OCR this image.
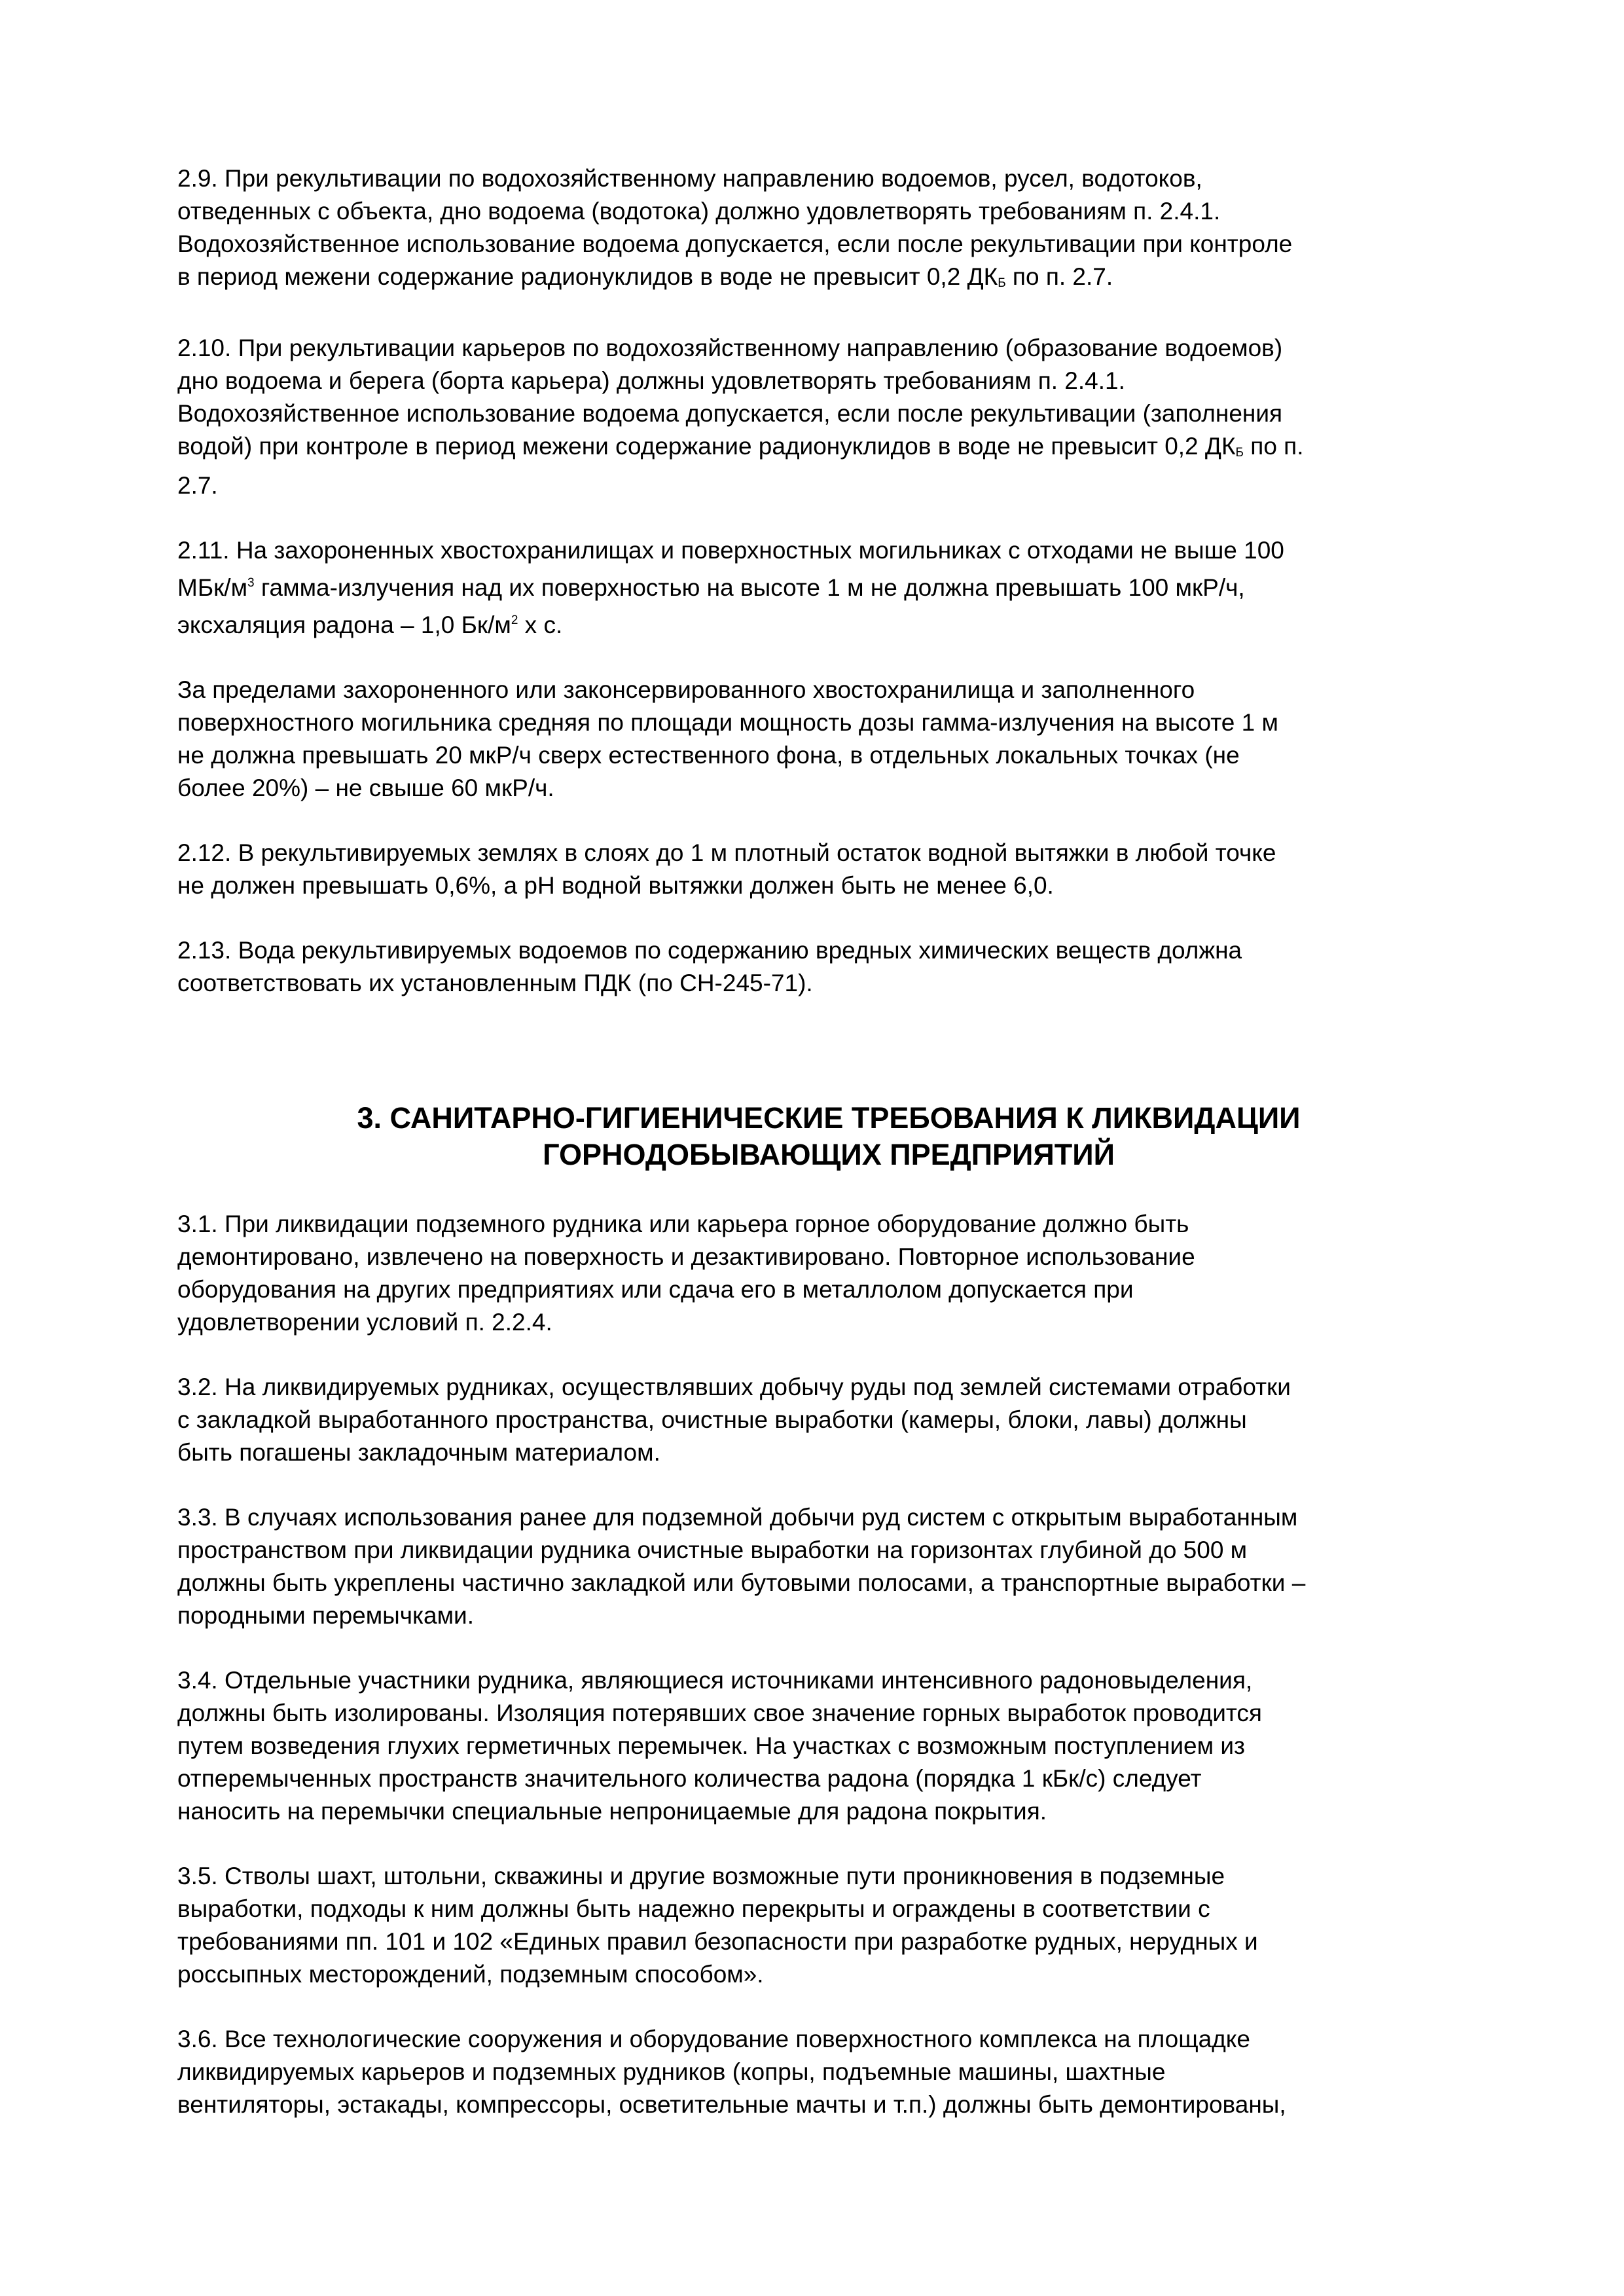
2.9. При рекультивации по водохозяйственному направлению водоемов, русел, водотоков,
отведенных с объекта, дно водоема (водотока) должно удовлетворять требованиям п. 2.4.1.
Водохозяйственное использование водоема допускается, если после рекультивации при контроле
в период межени содержание радионуклидов в воде не превысит 0,2 ДКБ по п. 2.7.
2.10. При рекультивации карьеров по водохозяйственному направлению (образование водоемов)
дно водоема и берега (борта карьера) должны удовлетворять требованиям п. 2.4.1.
Водохозяйственное использование водоема допускается, если после рекультивации (заполнения
водой) при контроле в период межени содержание радионуклидов в воде не превысит 0,2 ДКБ по п.
2.7.
2.11. На захороненных хвостохранилищах и поверхностных могильниках с отходами не выше 100
МБк/$м^3$ гамма-излучения над их поверхностью на высоте 1 м не должна превышать 100 мкР/ч,
эксхаляция радона – 1,0 $Бк/м^2$ х с.
За пределами захороненного или законсервированного хвостохранилища и заполненного
поверхностного могильника средняя по площади мощность дозы гамма-излучения на высоте 1 м
не должна превышать 20 мкР/ч сверх естественного фона, в отдельных локальных точках (не
более 20%) – не свыше 60 мкР/ч.
2.12. В рекультивируемых землях в слоях до 1 м плотный остаток водной вытяжки в любой точке
не должен превышать 0,6%, а pH водной вытяжки должен быть не менее 6,0.
2.13. Вода рекультивируемых водоемов по содержанию вредных химических веществ должна
соответствовать их установленным ПДК (по СН-245-71).
3. САНИТАРНО-ГИГИЕНИЧЕСКИЕ ТРЕБОВАНИЯ К ЛИКВИДАЦИИ
ГОРНОДОБЫВАЮЩИХ ПРЕДПРИЯТИЙ
3.1. При ликвидации подземного рудника или карьера горное оборудование должно быть
демонтировано, извлечено на поверхность и дезактивировано. Повторное использование
оборудования на других предприятиях или сдача его в металлолом допускается при
удовлетворении условий п. 2.2.4.
3.2. На ликвидируемых рудниках, осуществлявших добычу руды под землей системами отработки
с закладкой выработанного пространства, очистные выработки (камеры, блоки, лавы) должны
быть погашены закладочным материалом.
3.3. В случаях использования ранее для подземной добычи руд систем с открытым выработанным
пространством при ликвидации рудника очистные выработки на горизонтах глубиной до 500 м
должны быть укреплены частично закладкой или бутовыми полосами, а транспортные выработки –
породными перемычками.
3.4. Отдельные участники рудника, являющиеся источниками интенсивного радоновыделения,
должны быть изолированы. Изоляция потерявших свое значение горных выработок проводится
путем возведения глухих герметичных перемычек. На участках с возможным поступлением из
отперемыченных пространств значительного количества радона (порядка 1 кБк/с) следует
наносить на перемычки специальные непроницаемые для радона покрытия.
3.5. Стволы шахт, штольни, скважины и другие возможные пути проникновения в подземные
выработки, подходы к ним должны быть надежно перекрыты и ограждены в соответствии с
требованиями пп. 101 и 102 «Единых правил безопасности при разработке рудных, нерудных и
россыпных месторождений, подземным способом».
3.6. Все технологические сооружения и оборудование поверхностного комплекса на площадке
ликвидируемых карьеров и подземных рудников (копры, подъемные машины, шахтные
вентиляторы, эстакады, компрессоры, осветительные мачты и т.п.) должны быть демонтированы,
